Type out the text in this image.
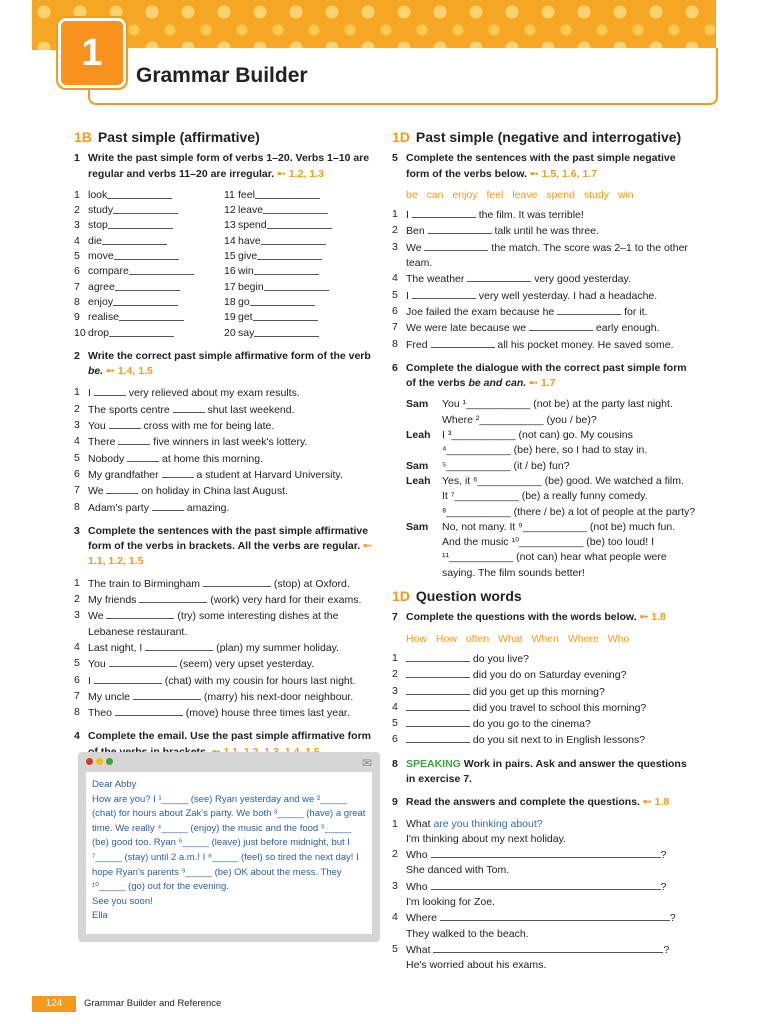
1
Grammar Builder
1B Past simple (affirmative)
1 Write the past simple form of verbs 1–20. Verbs 1–10 are regular and verbs 11–20 are irregular. ➸ 1.2, 1.3
1 look	11 feel
2 study	12 leave
3 stop	13 spend
4 die	14 have
5 move	15 give
6 compare	16 win
7 agree	17 begin
8 enjoy	18 go
9 realise	19 get
10 drop	20 say
2 Write the correct past simple affirmative form of the verb be. ➸ 1.4, 1.5
1 I	very relieved about my exam results.
2 The sports centre	shut last weekend.
3 You	cross with me for being late.
4 There	five winners in last week's lottery.
5 Nobody	at home this morning.
6 My grandfather	a student at Harvard University.
7 We	on holiday in China last August.
8 Adam's party	amazing.
3 Complete the sentences with the past simple affirmative form of the verbs in brackets. All the verbs are regular. ➸ 1.1, 1.2, 1.5
1 The train to Birmingham	(stop) at Oxford.
2 My friends	(work) very hard for their exams.
3 We	(try) some interesting dishes at the Lebanese restaurant.
4 Last night, I	(plan) my summer holiday.
5 You	(seem) very upset yesterday.
6 I	(chat) with my cousin for hours last night.
7 My uncle	(marry) his next-door neighbour.
8 Theo	(move) house three times last year.
4 Complete the email. Use the past simple affirmative form
✉
Dear Abby
How are you? I ¹_____ (see) Ryan yesterday and we ²_____ (chat) for hours about Zak's party. We both ³_____ (have) a great time. We really ⁴_____ (enjoy) the music and the food ⁵_____ (be) good too. Ryan ⁶_____ (leave) just before midnight, but I ⁷_____ (stay) until 2 a.m.! I ⁸_____ (feel) so tired the next day! I hope Ryan's parents ⁹_____ (be) OK about the mess. They ¹⁰_____ (go) out for the evening.
See you soon!
Ella
1D Past simple (negative and interrogative)
5 Complete the sentences with the past simple negative form of the verbs below. ➸ 1.5, 1.6, 1.7
be can enjoy feel leave spend study win
1 I	the film. It was terrible!
2 Ben	talk until he was three.
3 We	the match. The score was 2–1 to the other team.
4 The weather	very good yesterday.
5 I	very well yesterday. I had a headache.
6 Joe failed the exam because he	for it.
7 We were late because we	early enough.
8 Fred	all his pocket money. He saved some.
6 Complete the dialogue with the correct past simple form of the verbs be and can. ➸ 1.7
Sam	You ¹___________ (not be) at the party last night.
Where ²___________ (you / be)?
Leah	I ³___________ (not can) go. My cousins
⁴___________ (be) here, so I had to stay in.
Sam	⁵___________ (it / be) fun?
Leah	Yes, it ⁶___________ (be) good. We watched a film.
It ⁷___________ (be) a really funny comedy.
⁸___________ (there / be) a lot of people at the party?
Sam	No, not many. It ⁹___________ (not be) much fun.
And the music ¹⁰___________ (be) too loud! I
¹¹___________ (not can) hear what people were saying. The film sounds better!
1D Question words
7 Complete the questions with the words below. ➸ 1.8
How How often What When Where Who
1	do you live?
2	did you do on Saturday evening?
3	did you get up this morning?
4	did you travel to school this morning?
5	do you go to the cinema?
6	do you sit next to in English lessons?
8 SPEAKING Work in pairs. Ask and answer the questions in exercise 7.
9 Read the answers and complete the questions. ➸ 1.8
1 What are you thinking about?
I'm thinking about my next holiday.
2 Who	?
She danced with Tom.
3 Who	?
I'm looking for Zoe.
4 Where	?
They walked to the beach.
5 What	?
He's worried about his exams.
124	Grammar Builder and Reference
